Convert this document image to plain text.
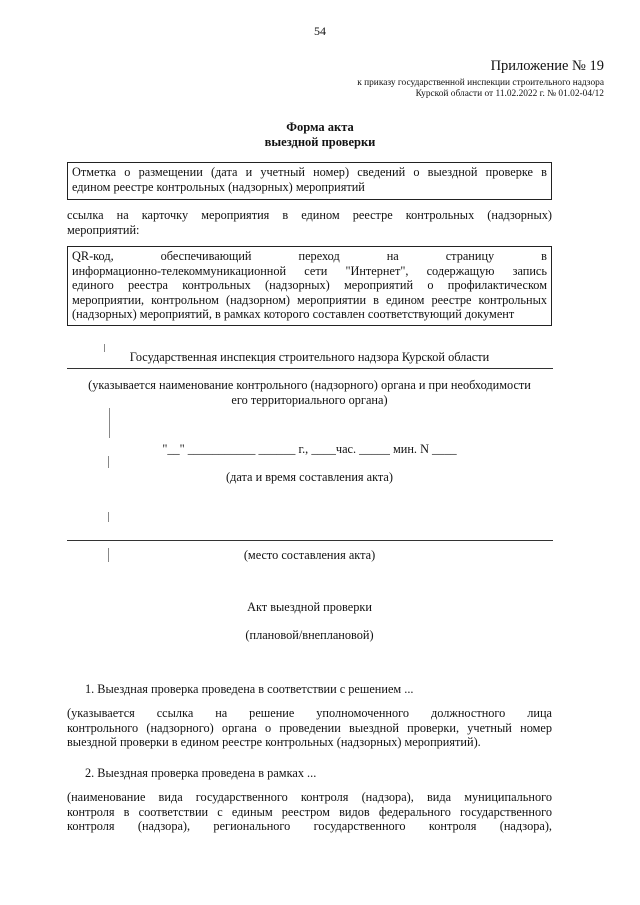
54
Приложение № 19
к приказу государственной инспекции строительного надзора
Курской области от 11.02.2022 г. № 01.02-04/12
Форма акта
выездной проверки
Отметка о размещении (дата и учетный номер) сведений о выездной проверке в
едином реестре контрольных (надзорных) мероприятий
ссылка на карточку мероприятия в едином реестре контрольных (надзорных)
мероприятий:
QR-код, обеспечивающий переход на страницу в
информационно-телекоммуникационной сети "Интернет", содержащую запись
единого реестра контрольных (надзорных) мероприятий о профилактическом
мероприятии, контрольном (надзорном) мероприятии в едином реестре контрольных
(надзорных) мероприятий, в рамках которого составлен соответствующий документ
Государственная инспекция строительного надзора Курской области
(указывается наименование контрольного (надзорного) органа и при необходимости
его территориального органа)
"__" ___________ ______ г., ____час. _____ мин. N ____
(дата и время составления акта)
(место составления акта)
Акт выездной проверки
(плановой/внеплановой)
1. Выездная проверка проведена в соответствии с решением ...
(указывается ссылка на решение уполномоченного должностного лица
контрольного (надзорного) органа о проведении выездной проверки, учетный номер
выездной проверки в едином реестре контрольных (надзорных) мероприятий).
2. Выездная проверка проведена в рамках ...
(наименование вида государственного контроля (надзора), вида муниципального
контроля в соответствии с единым реестром видов федерального государственного
контроля (надзора), регионального государственного контроля (надзора),
